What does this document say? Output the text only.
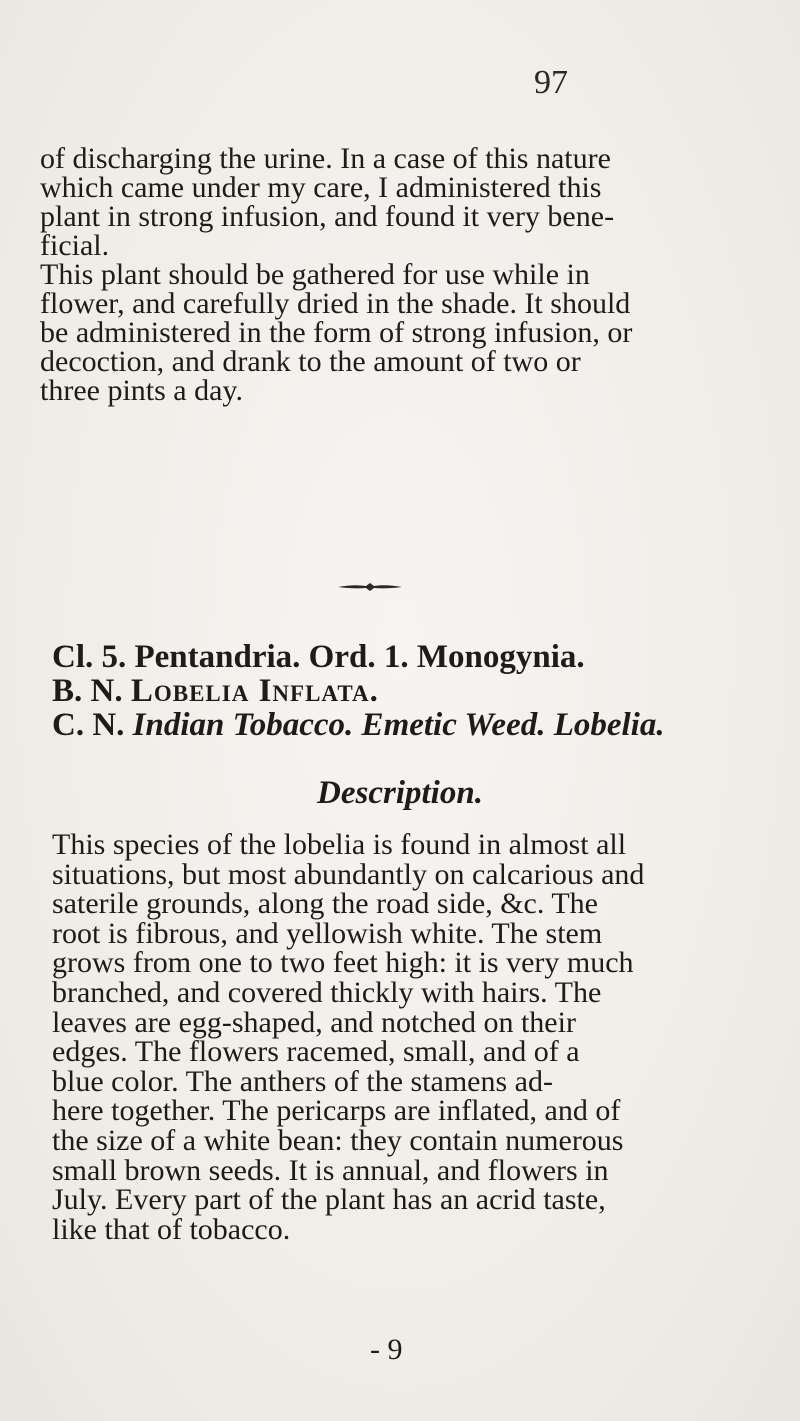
97
of discharging the urine. In a case of this nature
which came under my care, I administered this
plant in strong infusion, and found it very bene-
ficial.
This plant should be gathered for use while in
flower, and carefully dried in the shade. It should
be administered in the form of strong infusion, or
decoction, and drank to the amount of two or
three pints a day.
Cl. 5. Pentandria. Ord. 1. Monogynia.
B. N. Lobelia Inflata.
C. N. Indian Tobacco. Emetic Weed. Lobelia.
Description.
This species of the lobelia is found in almost all
situations, but most abundantly on calcarious and
saterile grounds, along the road side, &c. The
root is fibrous, and yellowish white. The stem
grows from one to two feet high: it is very much
branched, and covered thickly with hairs. The
leaves are egg-shaped, and notched on their
edges. The flowers racemed, small, and of a
blue color. The anthers of the stamens ad-
here together. The pericarps are inflated, and of
the size of a white bean: they contain numerous
small brown seeds. It is annual, and flowers in
July. Every part of the plant has an acrid taste,
like that of tobacco.
- 9
